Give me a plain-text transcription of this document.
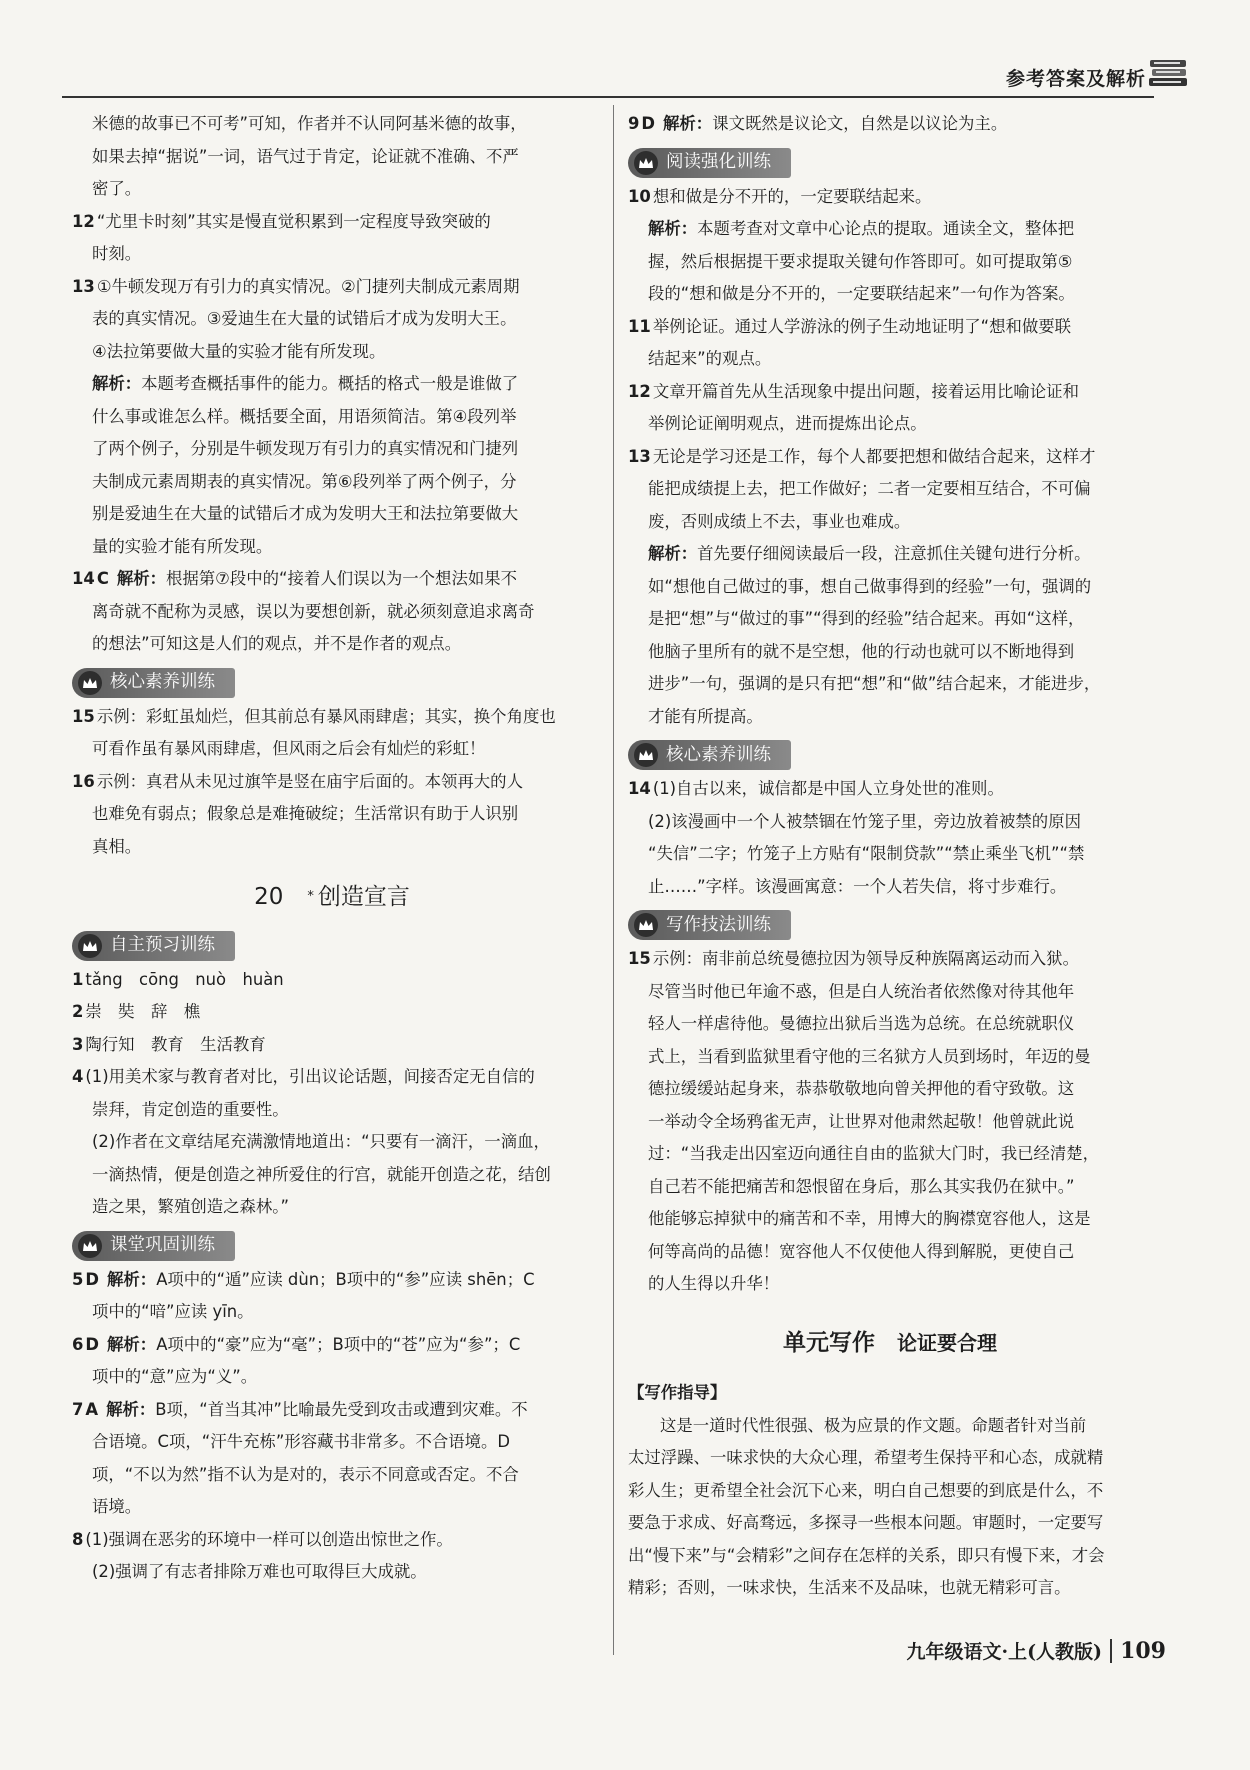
参考答案及解析

米德的故事已不可考”可知，作者并不认同阿基米德的故事，
如果去掉“据说”一词，语气过于肯定，论证就不准确、不严
密了。

12 “尤里卡时刻”其实是慢直觉积累到一定程度导致突破的
时刻。

13 ①牛顿发现万有引力的真实情况。②门捷列夫制成元素周期

表的真实情况。③爱迪生在大量的试错后才成为发明大王。
④法拉第要做大量的实验才能有所发现。
解析：本题考查概括事件的能力。概括的格式一般是谁做了
什么事或谁怎么样。概括要全面，用语须简洁。第④段列举
了两个例子，分别是牛顿发现万有引力的真实情况和门捷列
夫制成元素周期表的真实情况。第⑥段列举了两个例子，分
别是爱迪生在大量的试错后才成为发明大王和法拉第要做大
量的实验才能有所发现。

14 C 解析：根据第⑦段中的“接着人们误以为一个想法如果不

离奇就不配称为灵感，误以为要想创新，就必须刻意追求离奇
的想法”可知这是人们的观点，并不是作者的观点。

核心素养训练

15 示例：彩虹虽灿烂，但其前总有暴风雨肆虐；其实，换个角度也

可看作虽有暴风雨肆虐，但风雨之后会有灿烂的彩虹！

16 示例：真君从未见过旗竿是竖在庙宇后面的。本领再大的人

也难免有弱点；假象总是难掩破绽；生活常识有助于人识别
真相。

20 * 创造宣言
自主预习训练

1 tǎng　cōng　nuò　huàn

2 崇　奘　辞　樵

3 陶行知　教育　生活教育

4 (1)用美术家与教育者对比，引出议论话题，间接否定无自信的

崇拜，肯定创造的重要性。
(2)作者在文章结尾充满激情地道出：“只要有一滴汗，一滴血，
一滴热情，便是创造之神所爱住的行宫，就能开创造之花，结创
造之果，繁殖创造之森林。”

课堂巩固训练

5 D 解析：A项中的“遁”应读 dùn；B项中的“参”应读 shēn；C

项中的“喑”应读 yīn。

6 D 解析：A项中的“豪”应为“毫”；B项中的“苍”应为“参”；C

项中的“意”应为“义”。

7 A 解析：B项，“首当其冲”比喻最先受到攻击或遭到灾难。不

合语境。C项，“汗牛充栋”形容藏书非常多。不合语境。D
项，“不以为然”指不认为是对的，表示不同意或否定。不合
语境。

8 (1)强调在恶劣的环境中一样可以创造出惊世之作。

(2)强调了有志者排除万难也可取得巨大成就。

9 D 解析：课文既然是议论文，自然是以议论为主。

阅读强化训练

10 想和做是分不开的，一定要联结起来。

解析：本题考查对文章中心论点的提取。通读全文，整体把
握，然后根据提干要求提取关键句作答即可。如可提取第⑤
段的“想和做是分不开的，一定要联结起来”一句作为答案。

11 举例论证。通过人学游泳的例子生动地证明了“想和做要联

结起来”的观点。

12 文章开篇首先从生活现象中提出问题，接着运用比喻论证和

举例论证阐明观点，进而提炼出论点。

13 无论是学习还是工作，每个人都要把想和做结合起来，这样才

能把成绩提上去，把工作做好；二者一定要相互结合，不可偏
废，否则成绩上不去，事业也难成。
解析：首先要仔细阅读最后一段，注意抓住关键句进行分析。
如“想他自己做过的事，想自己做事得到的经验”一句，强调的
是把“想”与“做过的事”“得到的经验”结合起来。再如“这样，
他脑子里所有的就不是空想，他的行动也就可以不断地得到
进步”一句，强调的是只有把“想”和“做”结合起来，才能进步，
才能有所提高。

核心素养训练

14 (1)自古以来，诚信都是中国人立身处世的准则。

(2)该漫画中一个人被禁锢在竹笼子里，旁边放着被禁的原因
“失信”二字；竹笼子上方贴有“限制贷款”“禁止乘坐飞机”“禁
止……”字样。该漫画寓意：一个人若失信，将寸步难行。

写作技法训练

15 示例：南非前总统曼德拉因为领导反种族隔离运动而入狱。

尽管当时他已年逾不惑，但是白人统治者依然像对待其他年
轻人一样虐待他。曼德拉出狱后当选为总统。在总统就职仪
式上，当看到监狱里看守他的三名狱方人员到场时，年迈的曼
德拉缓缓站起身来，恭恭敬敬地向曾关押他的看守致敬。这
一举动令全场鸦雀无声，让世界对他肃然起敬！他曾就此说
过：“当我走出囚室迈向通往自由的监狱大门时，我已经清楚，
自己若不能把痛苦和怨恨留在身后，那么其实我仍在狱中。”
他能够忘掉狱中的痛苦和不幸，用博大的胸襟宽容他人，这是
何等高尚的品德！宽容他人不仅使他人得到解脱，更使自己
的人生得以升华！

单元写作 论证要合理

【写作指导】

这是一道时代性很强、极为应景的作文题。命题者针对当前
太过浮躁、一味求快的大众心理，希望考生保持平和心态，成就精
彩人生；更希望全社会沉下心来，明白自己想要的到底是什么，不
要急于求成、好高骛远，多探寻一些根本问题。审题时，一定要写
出“慢下来”与“会精彩”之间存在怎样的关系，即只有慢下来，才会
精彩；否则，一味求快，生活来不及品味，也就无精彩可言。

九年级语文·上(人教版) 109
